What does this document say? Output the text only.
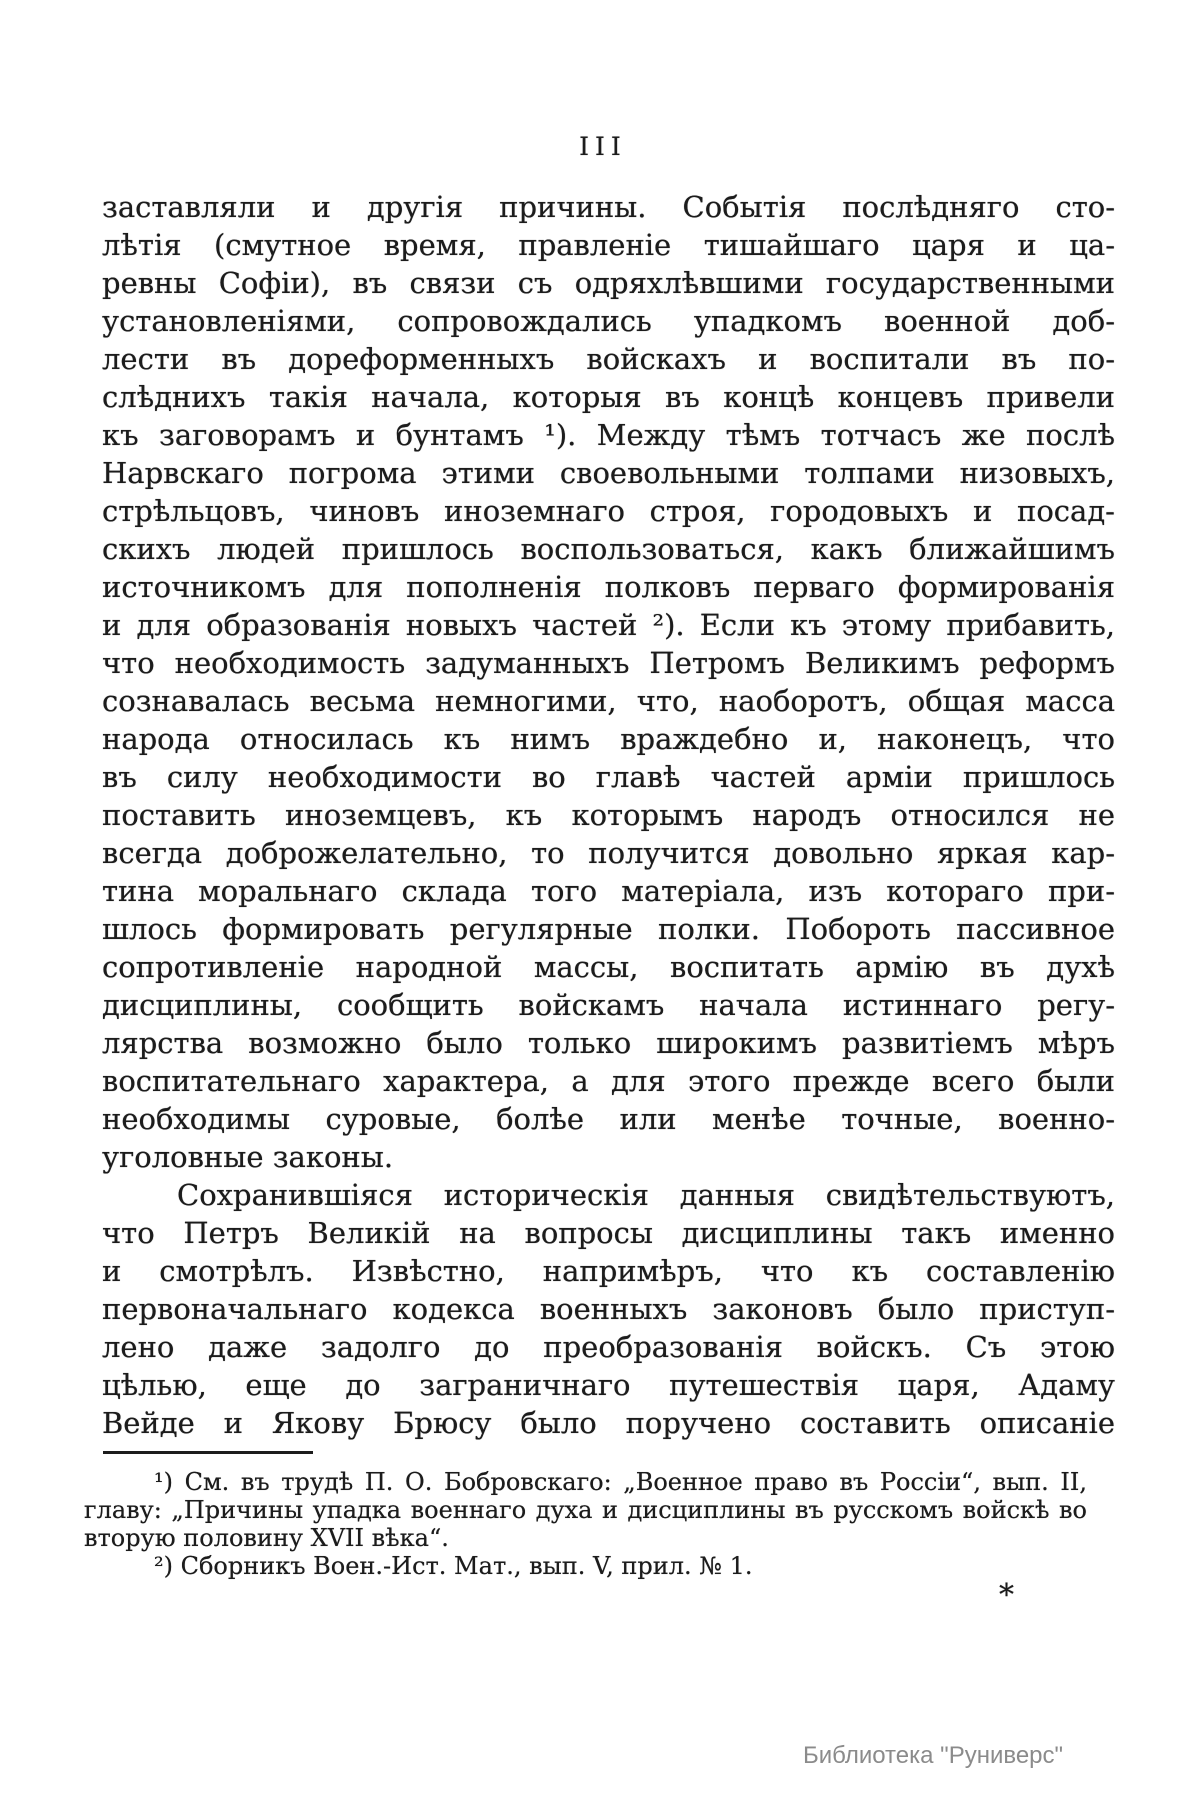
III
заставляли и другія причины. Событія послѣдняго сто-
лѣтія (смутное время, правленіе тишайшаго царя и ца-
ревны Софіи), въ связи съ одряхлѣвшими государственными
установленіями, сопровождались упадкомъ военной доб-
лести въ дореформенныхъ войскахъ и воспитали въ по-
слѣднихъ такія начала, которыя въ концѣ концевъ привели
къ заговорамъ и бунтамъ ¹). Между тѣмъ тотчасъ же послѣ
Нарвскаго погрома этими своевольными толпами низовыхъ,
стрѣльцовъ, чиновъ иноземнаго строя, городовыхъ и посад-
скихъ людей пришлось воспользоваться, какъ ближайшимъ
источникомъ для пополненія полковъ перваго формированія
и для образованія новыхъ частей ²). Если къ этому прибавить,
что необходимость задуманныхъ Петромъ Великимъ реформъ
сознавалась весьма немногими, что, наоборотъ, общая масса
народа относилась къ нимъ враждебно и, наконецъ, что
въ силу необходимости во главѣ частей арміи пришлось
поставить иноземцевъ, къ которымъ народъ относился не
всегда доброжелательно, то получится довольно яркая кар-
тина моральнаго склада того матеріала, изъ котораго при-
шлось формировать регулярные полки. Побороть пассивное
сопротивленіе народной массы, воспитать армію въ духѣ
дисциплины, сообщить войскамъ начала истиннаго регу-
лярства возможно было только широкимъ развитіемъ мѣръ
воспитательнаго характера, а для этого прежде всего были
необходимы суровые, болѣе или менѣе точные, военно-
уголовные законы.
Сохранившіяся историческія данныя свидѣтельствуютъ,
что Петръ Великій на вопросы дисциплины такъ именно
и смотрѣлъ. Извѣстно, напримѣръ, что къ составленію
первоначальнаго кодекса военныхъ законовъ было приступ-
лено даже задолго до преобразованія войскъ. Съ этою
цѣлью, еще до заграничнаго путешествія царя, Адаму
Вейде и Якову Брюсу было поручено составить описаніе
¹) См. въ трудѣ П. О. Бобровскаго: „Военное право въ Россіи“, вып. II,
главу: „Причины упадка военнаго духа и дисциплины въ русскомъ войскѣ во
вторую половину XVII вѣка“.
²) Сборникъ Воен.-Ист. Мат., вып. V, прил. № 1.
*
Библиотека "Руниверс"
